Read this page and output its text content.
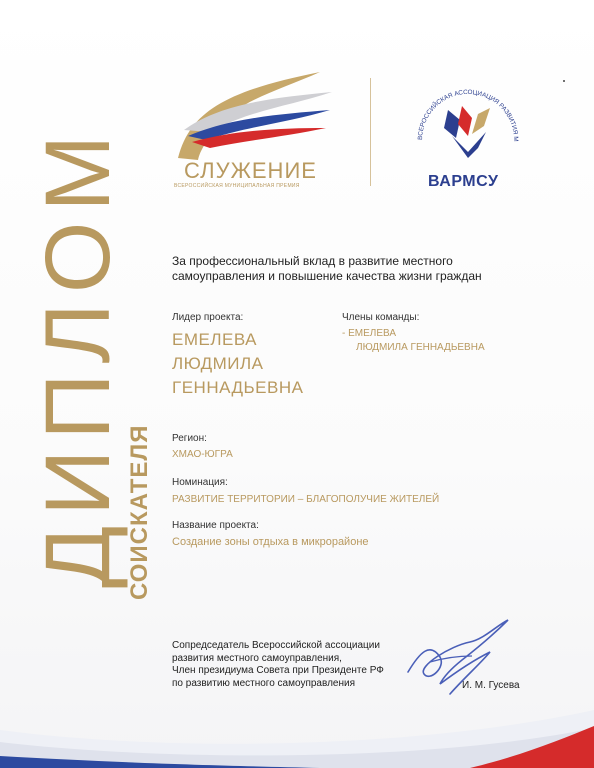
ДИПЛОМ
СОИСКАТЕЛЯ
СЛУЖЕНИЕ
ВСЕРОССИЙСКАЯ МУНИЦИПАЛЬНАЯ ПРЕМИЯ
ВСЕРОССИЙСКАЯ АССОЦИАЦИЯ РАЗВИТИЯ М
ВАРМСУ
За профессиональный вклад в развитие местного самоуправления и повышение качества жизни граждан
Лидер проекта:
ЕМЕЛЕВА
ЛЮДМИЛА
ГЕННАДЬЕВНА
Члены команды:
- ЕМЕЛЕВА
ЛЮДМИЛА ГЕННАДЬЕВНА
Регион:
ХМАО-ЮГРА
Номинация:
РАЗВИТИЕ ТЕРРИТОРИИ – БЛАГОПОЛУЧИЕ ЖИТЕЛЕЙ
Название проекта:
Создание зоны отдыха в микрорайоне
Сопредседатель Всероссийской ассоциации
развития местного самоуправления,
Член президиума Совета при Президенте РФ
по развитию местного самоуправления	И. М. Гусева
